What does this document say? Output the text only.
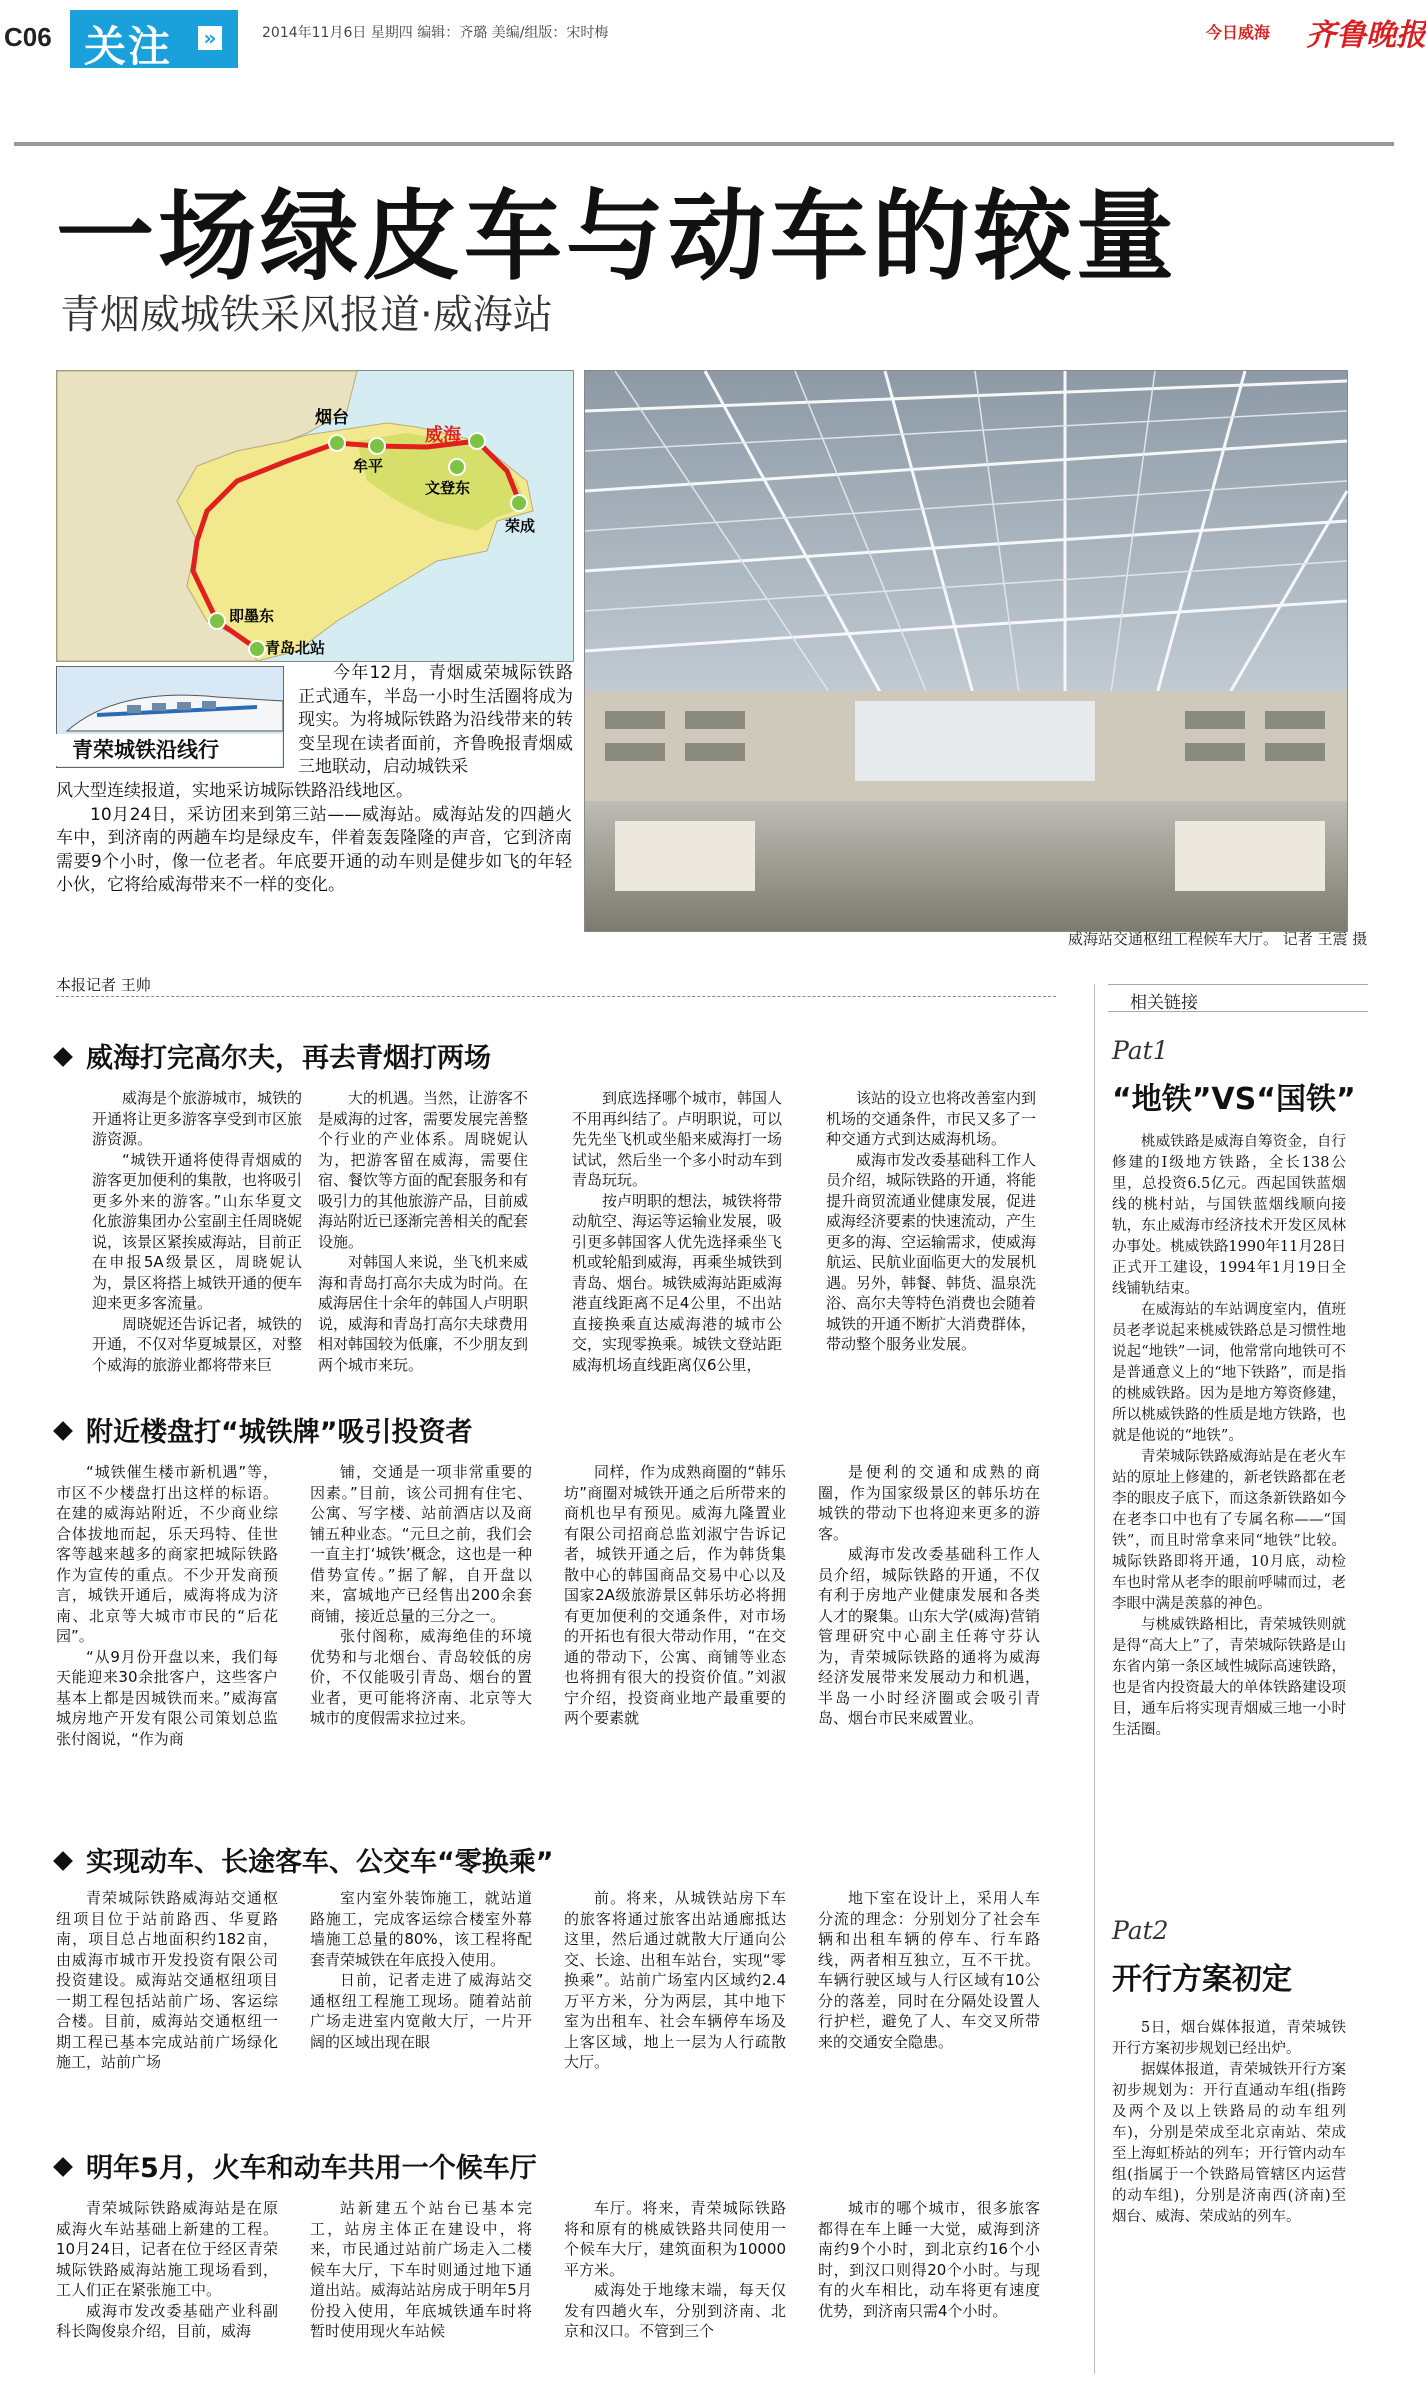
C06 关注 »	2014年11月6日 星期四 编辑：齐璐 美编/组版：宋时梅	今日威海 齐鲁晚报
一场绿皮车与动车的较量
青烟威城铁采风报道·威海站
烟台
威海
牟平
文登东
荣成
即墨东
青岛北站
威海站交通枢纽工程候车大厅。 记者 王震 摄
青荣城铁沿线行
今年12月，青烟威荣城际铁路正式通车，半岛一小时生活圈将成为现实。为将城际铁路为沿线带来的转变呈现在读者面前，齐鲁晚报青烟威三地联动，启动城铁采
风大型连续报道，实地采访城际铁路沿线地区。
10月24日，采访团来到第三站——威海站。威海站发的四趟火车中，到济南的两趟车均是绿皮车，伴着轰轰隆隆的声音，它到济南需要9个小时，像一位老者。年底要开通的动车则是健步如飞的年轻小伙，它将给威海带来不一样的变化。
本报记者 王帅
威海打完高尔夫，再去青烟打两场
威海是个旅游城市，城铁的开通将让更多游客享受到市区旅游资源。
“城铁开通将使得青烟威的游客更加便利的集散，也将吸引更多外来的游客。”山东华夏文化旅游集团办公室副主任周晓妮说，该景区紧挨威海站，目前正在申报5A级景区，周晓妮认为，景区将搭上城铁开通的便车迎来更多客流量。
周晓妮还告诉记者，城铁的开通，不仅对华夏城景区，对整个威海的旅游业都将带来巨
大的机遇。当然，让游客不是威海的过客，需要发展完善整个行业的产业体系。周晓妮认为，把游客留在威海，需要住宿、餐饮等方面的配套服务和有吸引力的其他旅游产品，目前威海站附近已逐渐完善相关的配套设施。
对韩国人来说，坐飞机来威海和青岛打高尔夫成为时尚。在威海居住十余年的韩国人卢明职说，威海和青岛打高尔夫球费用相对韩国较为低廉，不少朋友到两个城市来玩。
到底选择哪个城市，韩国人不用再纠结了。卢明职说，可以先先坐飞机或坐船来威海打一场试试，然后坐一个多小时动车到青岛玩玩。
按卢明职的想法，城铁将带动航空、海运等运输业发展，吸引更多韩国客人优先选择乘坐飞机或轮船到威海，再乘坐城铁到青岛、烟台。城铁威海站距威海港直线距离不足4公里，不出站直接换乘直达威海港的城市公交，实现零换乘。城铁文登站距威海机场直线距离仅6公里，
该站的设立也将改善室内到机场的交通条件，市民又多了一种交通方式到达威海机场。
威海市发改委基础科工作人员介绍，城际铁路的开通，将能提升商贸流通业健康发展，促进威海经济要素的快速流动，产生更多的海、空运输需求，使威海航运、民航业面临更大的发展机遇。另外，韩餐、韩货、温泉洗浴、高尔夫等特色消费也会随着城铁的开通不断扩大消费群体，带动整个服务业发展。
附近楼盘打“城铁牌”吸引投资者
“城铁催生楼市新机遇”等，市区不少楼盘打出这样的标语。在建的威海站附近，不少商业综合体拔地而起，乐天玛特、佳世客等越来越多的商家把城际铁路作为宣传的重点。不少开发商预言，城铁开通后，威海将成为济南、北京等大城市市民的“后花园”。
“从9月份开盘以来，我们每天能迎来30余批客户，这些客户基本上都是因城铁而来。”威海富城房地产开发有限公司策划总监张付阁说，“作为商
铺，交通是一项非常重要的因素。”目前，该公司拥有住宅、公寓、写字楼、站前酒店以及商铺五种业态。“元旦之前，我们会一直主打‘城铁’概念，这也是一种借势宣传。”据了解，自开盘以来，富城地产已经售出200余套商铺，接近总量的三分之一。
张付阁称，威海绝佳的环境优势和与北烟台、青岛较低的房价，不仅能吸引青岛、烟台的置业者，更可能将济南、北京等大城市的度假需求拉过来。
同样，作为成熟商圈的“韩乐坊”商圈对城铁开通之后所带来的商机也早有预见。威海九隆置业有限公司招商总监刘淑宁告诉记者，城铁开通之后，作为韩货集散中心的韩国商品交易中心以及国家2A级旅游景区韩乐坊必将拥有更加便利的交通条件，对市场的开拓也有很大带动作用，“在交通的带动下，公寓、商铺等业态也将拥有很大的投资价值。”刘淑宁介绍，投资商业地产最重要的两个要素就
是便利的交通和成熟的商圈，作为国家级景区的韩乐坊在城铁的带动下也将迎来更多的游客。
威海市发改委基础科工作人员介绍，城际铁路的开通，不仅有利于房地产业健康发展和各类人才的聚集。山东大学(威海)营销管理研究中心副主任蒋守芬认为，青荣城际铁路的通将为威海经济发展带来发展动力和机遇，半岛一小时经济圈或会吸引青岛、烟台市民来威置业。
实现动车、长途客车、公交车“零换乘”
青荣城际铁路威海站交通枢纽项目位于站前路西、华夏路南，项目总占地面积约182亩，由威海市城市开发投资有限公司投资建设。威海站交通枢纽项目一期工程包括站前广场、客运综合楼。目前，威海站交通枢纽一期工程已基本完成站前广场绿化施工，站前广场
室内室外装饰施工，就站道路施工，完成客运综合楼室外幕墙施工总量的80%，该工程将配套青荣城铁在年底投入使用。
日前，记者走进了威海站交通枢纽工程施工现场。随着站前广场走进室内宽敞大厅，一片开阔的区域出现在眼
前。将来，从城铁站房下车的旅客将通过旅客出站通廊抵达这里，然后通过就散大厅通向公交、长途、出租车站台，实现“零换乘”。站前广场室内区域约2.4万平方米，分为两层，其中地下室为出租车、社会车辆停车场及上客区域，地上一层为人行疏散大厅。
地下室在设计上，采用人车分流的理念：分别划分了社会车辆和出租车辆的停车、行车路线，两者相互独立，互不干扰。车辆行驶区域与人行区域有10公分的落差，同时在分隔处设置人行护栏，避免了人、车交叉所带来的交通安全隐患。
明年5月，火车和动车共用一个候车厅
青荣城际铁路威海站是在原威海火车站基础上新建的工程。10月24日，记者在位于经区青荣城际铁路威海站施工现场看到，工人们正在紧张施工中。
威海市发改委基础产业科副科长陶俊泉介绍，目前，威海
站新建五个站台已基本完工，站房主体正在建设中，将来，市民通过站前广场走入二楼候车大厅，下车时则通过地下通道出站。威海站站房成于明年5月份投入使用，年底城铁通车时将暂时使用现火车站候
车厅。将来，青荣城际铁路将和原有的桃威铁路共同使用一个候车大厅，建筑面积为10000平方米。
威海处于地缘末端，每天仅发有四趟火车，分别到济南、北京和汉口。不管到三个
城市的哪个城市，很多旅客都得在车上睡一大觉，威海到济南约9个小时，到北京约16个小时，到汉口则得20个小时。与现有的火车相比，动车将更有速度优势，到济南只需4个小时。
相关链接
Pat1
“地铁”VS“国铁”
桃威铁路是威海自筹资金，自行修建的I级地方铁路，全长138公里，总投资6.5亿元。西起国铁蓝烟线的桃村站，与国铁蓝烟线顺向接轨，东止威海市经济技术开发区凤林办事处。桃威铁路1990年11月28日正式开工建设，1994年1月19日全线铺轨结束。
在威海站的车站调度室内，值班员老孝说起来桃威铁路总是习惯性地说起“地铁”一词，他常常向地铁可不是普通意义上的“地下铁路”，而是指的桃威铁路。因为是地方筹资修建，所以桃威铁路的性质是地方铁路，也就是他说的“地铁”。
青荣城际铁路威海站是在老火车站的原址上修建的，新老铁路都在老李的眼皮子底下，而这条新铁路如今在老李口中也有了专属名称——“国铁”，而且时常拿来同“地铁”比较。城际铁路即将开通，10月底，动检车也时常从老李的眼前呼啸而过，老李眼中满是羡慕的神色。
与桃威铁路相比，青荣城铁则就是得“高大上”了，青荣城际铁路是山东省内第一条区域性城际高速铁路，也是省内投资最大的单体铁路建设项目，通车后将实现青烟威三地一小时生活圈。
Pat2
开行方案初定
5日，烟台媒体报道，青荣城铁开行方案初步规划已经出炉。
据媒体报道，青荣城铁开行方案初步规划为：开行直通动车组(指跨及两个及以上铁路局的动车组列车)，分别是荣成至北京南站、荣成至上海虹桥站的列车；开行管内动车组(指属于一个铁路局管辖区内运营的动车组)，分别是济南西(济南)至烟台、威海、荣成站的列车。
